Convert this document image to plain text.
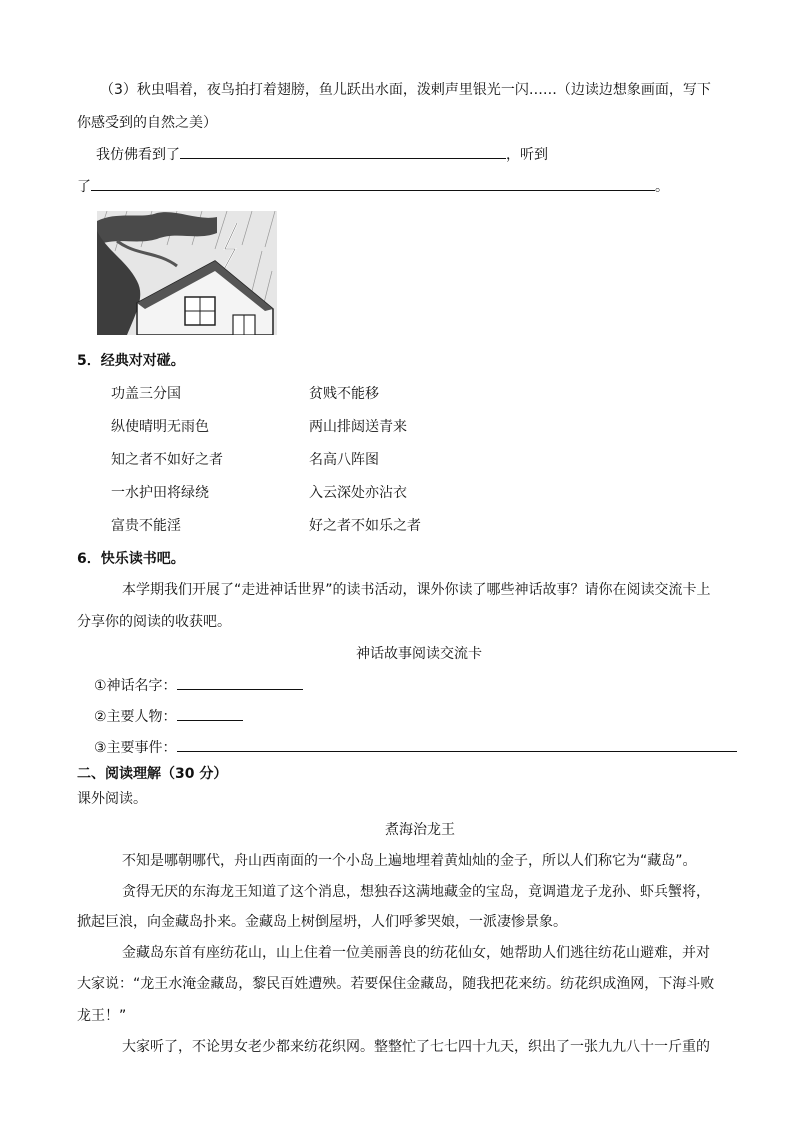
（3）秋虫唱着，夜鸟拍打着翅膀，鱼儿跃出水面，泼剌声里银光一闪……（边读边想象画面，写下
你感受到的自然之美）
我仿佛看到了	，听到
了	。
5．经典对对碰。
功盖三分国
纵使晴明无雨色
知之者不如好之者
一水护田将绿绕
富贵不能淫
贫贱不能移
两山排闼送青来
名高八阵图
入云深处亦沾衣
好之者不如乐之者
6．快乐读书吧。
本学期我们开展了“走进神话世界”的读书活动，课外你读了哪些神话故事？请你在阅读交流卡上
分享你的阅读的收获吧。
神话故事阅读交流卡
①神话名字：
②主要人物：
③主要事件：
二、阅读理解（30 分）
课外阅读。
煮海治龙王
不知是哪朝哪代，舟山西南面的一个小岛上遍地埋着黄灿灿的金子，所以人们称它为“藏岛”。
贪得无厌的东海龙王知道了这个消息，想独吞这满地藏金的宝岛，竟调遣龙子龙孙、虾兵蟹将，
掀起巨浪，向金藏岛扑来。金藏岛上树倒屋坍，人们呼爹哭娘，一派凄惨景象。
金藏岛东首有座纺花山，山上住着一位美丽善良的纺花仙女，她帮助人们逃往纺花山避难，并对
大家说：“龙王水淹金藏岛，黎民百姓遭殃。若要保住金藏岛，随我把花来纺。纺花织成渔网，下海斗败
龙王！”
大家听了，不论男女老少都来纺花织网。整整忙了七七四十九天，织出了一张九九八十一斤重的
